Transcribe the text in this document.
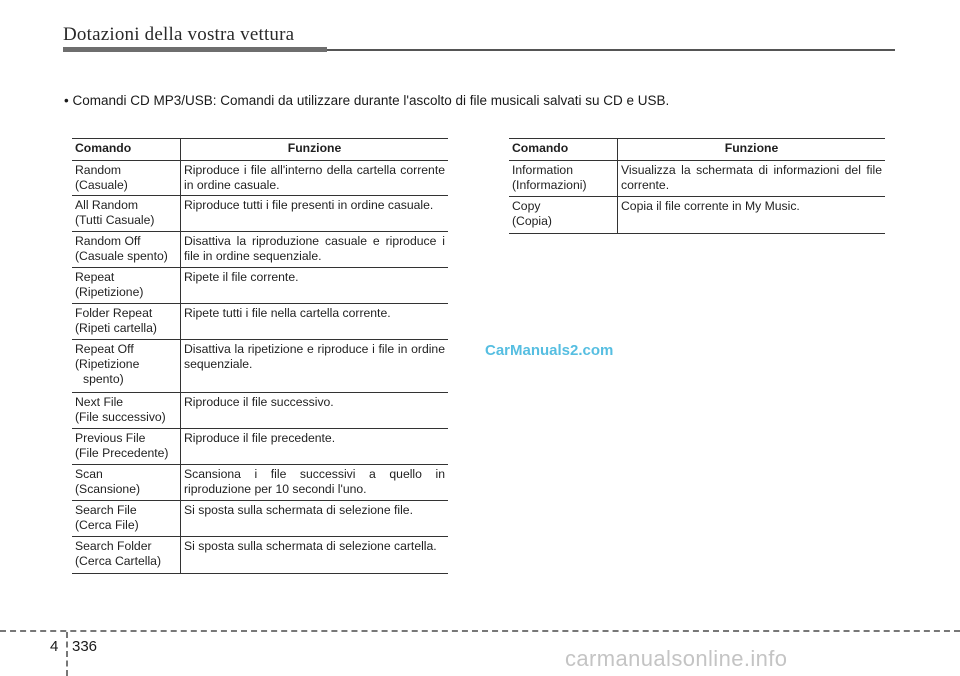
Dotazioni della vostra vettura
• Comandi CD MP3/USB: Comandi da utilizzare durante l'ascolto di file musicali salvati su CD e USB.
Comando	Funzione

Random
(Casuale)	Riproduce i file all'interno della cartella corrente in ordine casuale.

All Random
(Tutti Casuale)	Riproduce tutti i file presenti in ordine casuale.

Random Off
(Casuale spento)	Disattiva la riproduzione casuale e riproduce i file in ordine sequenziale.

Repeat
(Ripetizione)	Ripete il file corrente.

Folder Repeat
(Ripeti cartella)	Ripete tutti i file nella cartella corrente.

Repeat Off
(Ripetizione
spento)	Disattiva la ripetizione e riproduce i file in ordine sequenziale.

Next File
(File successivo)	Riproduce il file successivo.

Previous File
(File Precedente)	Riproduce il file precedente.

Scan
(Scansione)	Scansiona i file successivi a quello in riproduzione per 10 secondi l'uno.

Search File
(Cerca File)	Si sposta sulla schermata di selezione file.

Search Folder
(Cerca Cartella)	Si sposta sulla schermata di selezione cartella.
Comando	Funzione

Information
(Informazioni)	Visualizza la schermata di informazioni del file corrente.

Copy
(Copia)	Copia il file corrente in My Music.
CarManuals2.com
4 336	carmanualsonline.info
